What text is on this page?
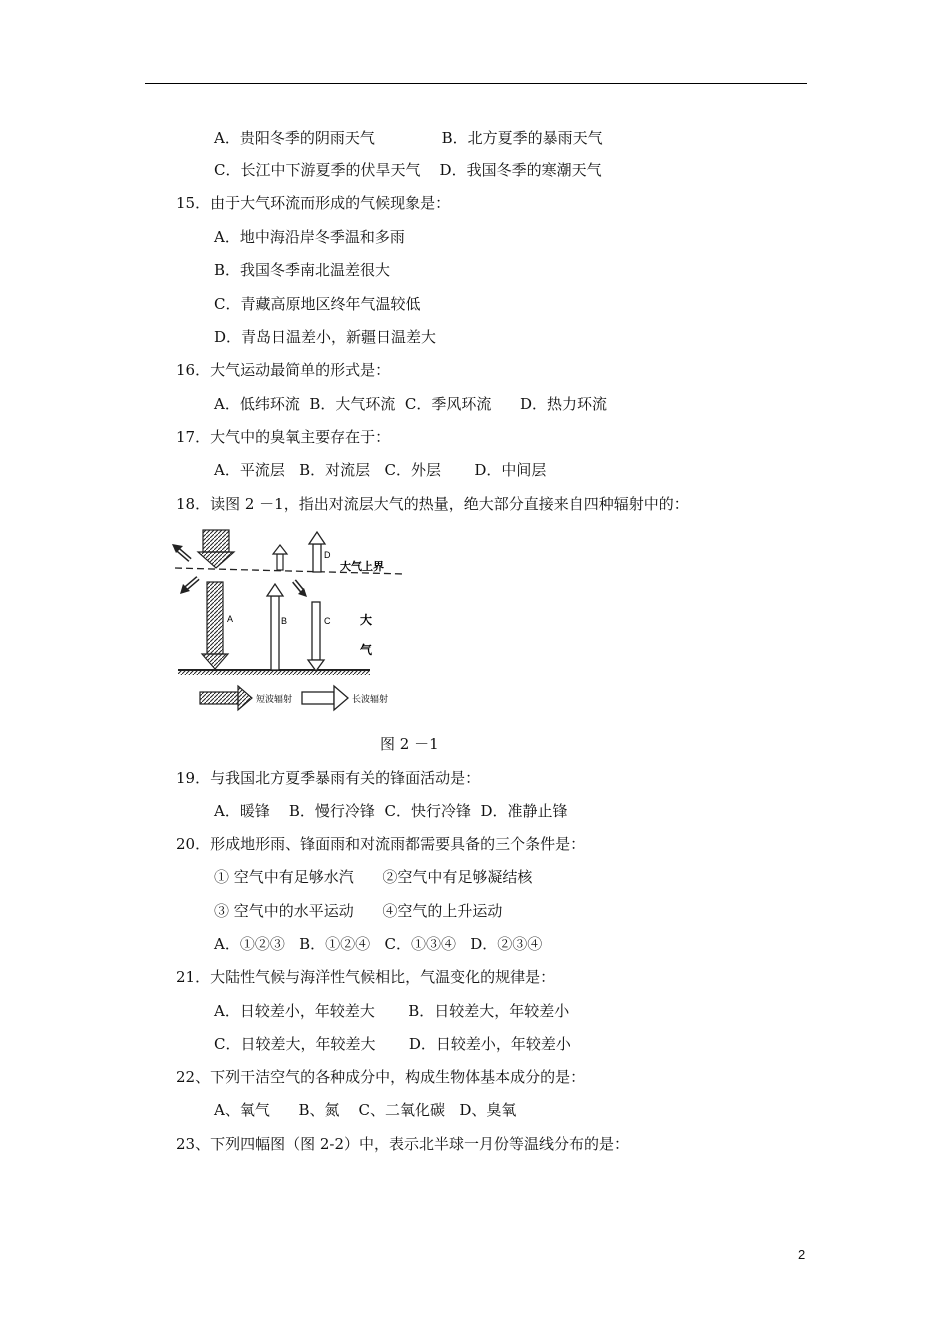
A．贵阳冬季的阴雨天气              B．北方夏季的暴雨天气
C．长江中下游夏季的伏旱天气    D．我国冬季的寒潮天气
15．由于大气环流而形成的气候现象是：
A．地中海沿岸冬季温和多雨
B．我国冬季南北温差很大
C．青藏高原地区终年气温较低
D．青岛日温差小，新疆日温差大
16．大气运动最简单的形式是：
A．低纬环流  B．大气环流  C．季风环流      D．热力环流
17．大气中的臭氧主要存在于：
A．平流层   B．对流层   C．外层       D．中间层
18．读图 2 －1，指出对流层大气的热量，绝大部分直接来自四种辐射中的：
A	B	C
D
大气上界
大
气
短波辐射	长波辐射
图 2 －1
19．与我国北方夏季暴雨有关的锋面活动是：
A．暖锋    B．慢行冷锋  C．快行冷锋  D．准静止锋
20．形成地形雨、锋面雨和对流雨都需要具备的三个条件是：
① 空气中有足够水汽      ②空气中有足够凝结核
③ 空气中的水平运动      ④空气的上升运动
A．①②③   B．①②④   C．①③④   D．②③④
21．大陆性气候与海洋性气候相比，气温变化的规律是：
A．日较差小，年较差大       B．日较差大，年较差小
C．日较差大，年较差大       D．日较差小，年较差小
22、下列干洁空气的各种成分中，构成生物体基本成分的是：
A、氧气      B、氮    C、二氧化碳   D、臭氧
23、下列四幅图（图 2-2）中，表示北半球一月份等温线分布的是：
2
